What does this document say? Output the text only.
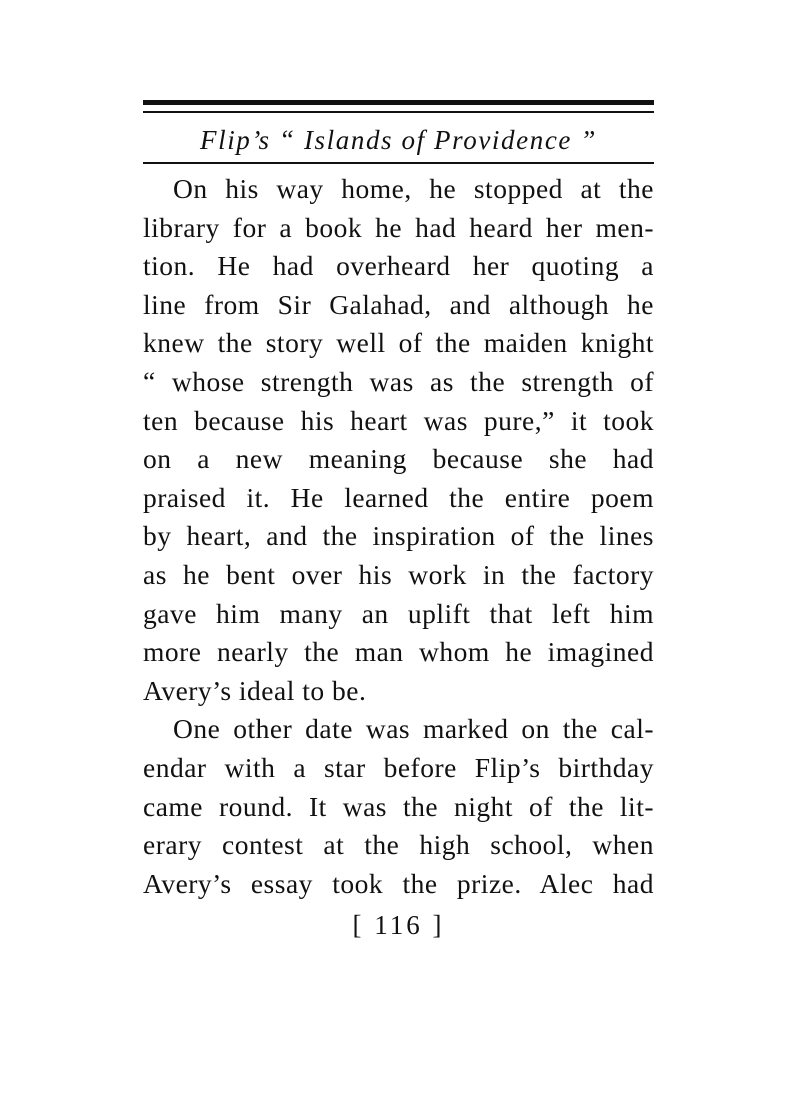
Flip’s “ Islands of Providence ”
On his way home, he stopped at the
library for a book he had heard her men-
tion. He had overheard her quoting a
line from Sir Galahad, and although he
knew the story well of the maiden knight
“ whose strength was as the strength of
ten because his heart was pure,” it took
on a new meaning because she had
praised it. He learned the entire poem
by heart, and the inspiration of the lines
as he bent over his work in the factory
gave him many an uplift that left him
more nearly the man whom he imagined
Avery’s ideal to be.
One other date was marked on the cal-
endar with a star before Flip’s birthday
came round. It was the night of the lit-
erary contest at the high school, when
Avery’s essay took the prize. Alec had
[ 116 ]
